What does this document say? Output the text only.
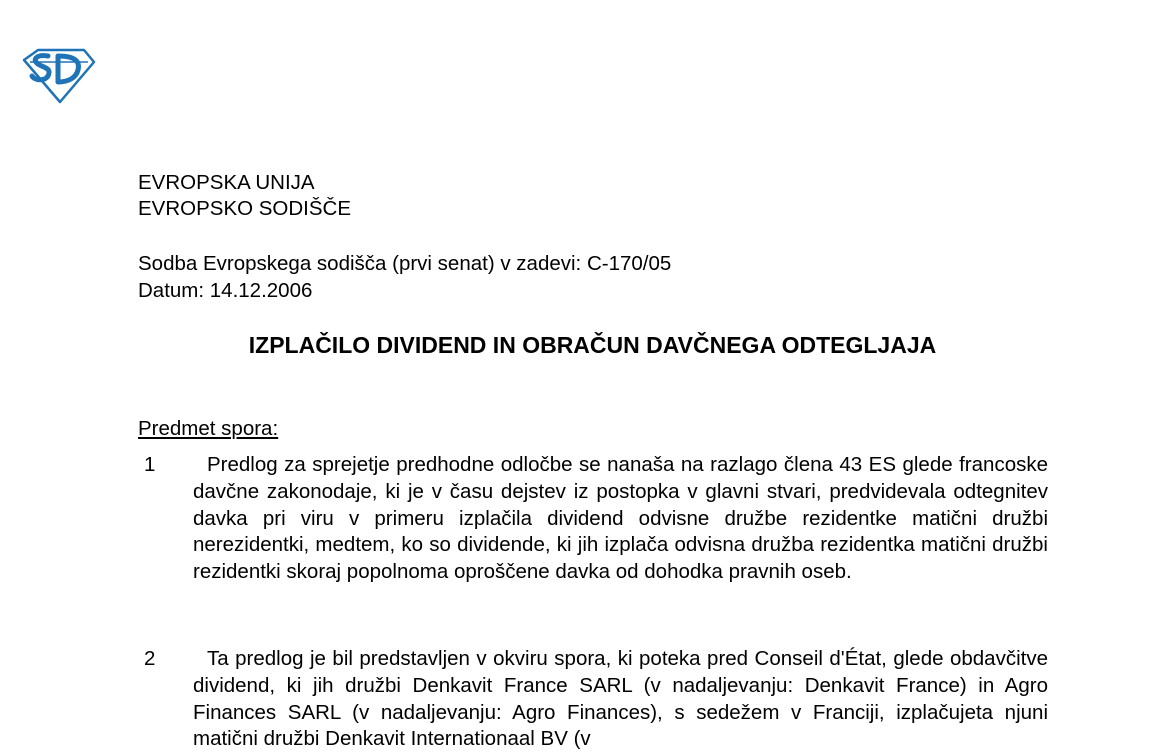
EVROPSKA UNIJA
EVROPSKO SODIŠČE
Sodba Evropskega sodišča (prvi senat) v zadevi: C-170/05
Datum: 14.12.2006
IZPLAČILO DIVIDEND IN OBRAČUN DAVČNEGA ODTEGLJAJA
Predmet spora:
1	Predlog za sprejetje predhodne odločbe se nanaša na razlago člena 43 ES glede francoske davčne zakonodaje, ki je v času dejstev iz postopka v glavni stvari, predvidevala odtegnitev davka pri viru v primeru izplačila dividend odvisne družbe rezidentke matični družbi nerezidentki, medtem, ko so dividende, ki jih izplača odvisna družba rezidentka matični družbi rezidentki skoraj popolnoma oproščene davka od dohodka pravnih oseb.
2	Ta predlog je bil predstavljen v okviru spora, ki poteka pred Conseil d'État, glede obdavčitve dividend, ki jih družbi Denkavit France SARL (v nadaljevanju: Denkavit France) in Agro Finances SARL (v nadaljevanju: Agro Finances), s sedežem v Franciji, izplačujeta njuni matični družbi Denkavit Internationaal BV (v
